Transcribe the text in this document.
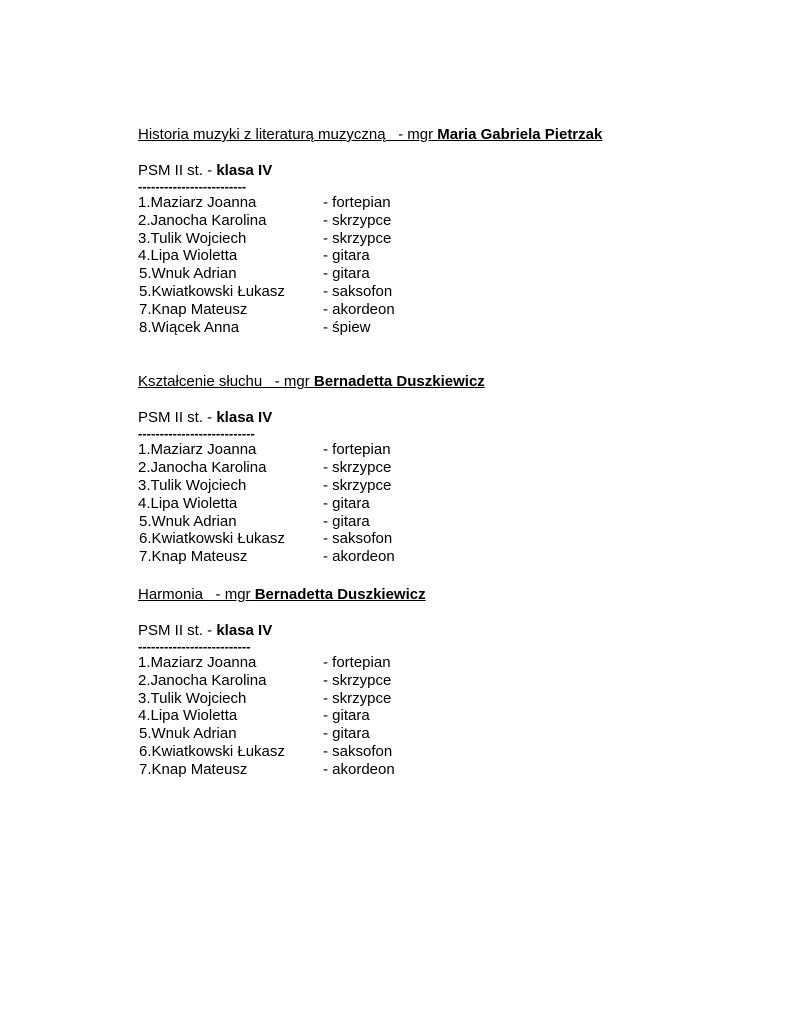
Historia muzyki z literaturą muzyczną   - mgr Maria Gabriela Pietrzak
PSM II st. - klasa IV
-------------------------
1.Maziarz Joanna	- fortepian
2.Janocha Karolina	- skrzypce
3.Tulik Wojciech	- skrzypce
4.Lipa Wioletta	- gitara
5.Wnuk Adrian	- gitara
5.Kwiatkowski Łukasz	- saksofon
7.Knap Mateusz	- akordeon
8.Wiącek Anna	- śpiew
Kształcenie słuchu   - mgr Bernadetta Duszkiewicz
PSM II st. - klasa IV
---------------------------
1.Maziarz Joanna	- fortepian
2.Janocha Karolina	- skrzypce
3.Tulik Wojciech	- skrzypce
4.Lipa Wioletta	- gitara
5.Wnuk Adrian	- gitara
6.Kwiatkowski Łukasz	- saksofon
7.Knap Mateusz	- akordeon
Harmonia   - mgr Bernadetta Duszkiewicz
PSM II st. - klasa IV
--------------------------
1.Maziarz Joanna	- fortepian
2.Janocha Karolina	- skrzypce
3.Tulik Wojciech	- skrzypce
4.Lipa Wioletta	- gitara
5.Wnuk Adrian	- gitara
6.Kwiatkowski Łukasz	- saksofon
7.Knap Mateusz	- akordeon
